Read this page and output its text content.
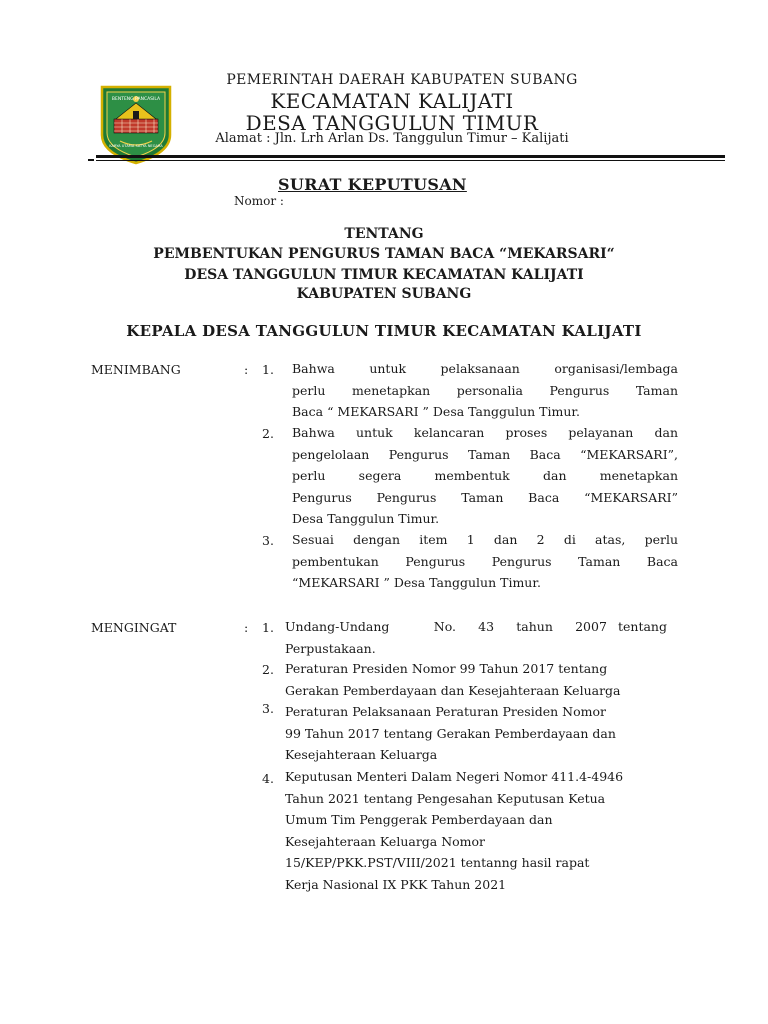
BENTENG PANCASILA
KARYA UTAMA SATYA NEGARA
PEMERINTAH DAERAH KABUPATEN SUBANG
KECAMATAN KALIJATI
DESA TANGGULUN TIMUR
Alamat : Jln. Lrh Arlan Ds. Tanggulun Timur – Kalijati
SURAT KEPUTUSAN
Nomor :
TENTANG
PEMBENTUKAN PENGURUS TAMAN BACA “MEKARSARI“
DESA TANGGULUN TIMUR KECAMATAN KALIJATI
KABUPATEN SUBANG
KEPALA DESA TANGGULUN TIMUR KECAMATAN KALIJATI
MENIMBANG	: 1.	Bahwa untuk pelaksanaan organisasi/lembaga
perlu menetapkan personalia Pengurus Taman
Baca “ MEKARSARI ” Desa Tanggulun Timur.
2.	Bahwa untuk kelancaran proses pelayanan dan
pengelolaan Pengurus Taman Baca “MEKARSARI”,
perlu segera membentuk dan menetapkan
Pengurus Pengurus Taman Baca “MEKARSARI”
Desa Tanggulun Timur.
3.	Sesuai dengan item 1 dan 2 di atas, perlu
pembentukan Pengurus Pengurus Taman Baca
“MEKARSARI ” Desa Tanggulun Timur.
MENGINGAT	: 1. Undang-Undang    No.  43  tahun  2007 tentang
Perpustakaan.
2. Peraturan Presiden Nomor 99 Tahun 2017 tentang
Gerakan Pemberdayaan dan Kesejahteraan Keluarga
3. Peraturan Pelaksanaan Peraturan Presiden Nomor
99 Tahun 2017 tentang Gerakan Pemberdayaan dan
Kesejahteraan Keluarga
4. Keputusan Menteri Dalam Negeri Nomor 411.4-4946
Tahun 2021 tentang Pengesahan Keputusan Ketua
Umum Tim Penggerak Pemberdayaan dan
Kesejahteraan Keluarga Nomor
15/KEP/PKK.PST/VIII/2021 tentanng hasil rapat
Kerja Nasional IX PKK Tahun 2021
